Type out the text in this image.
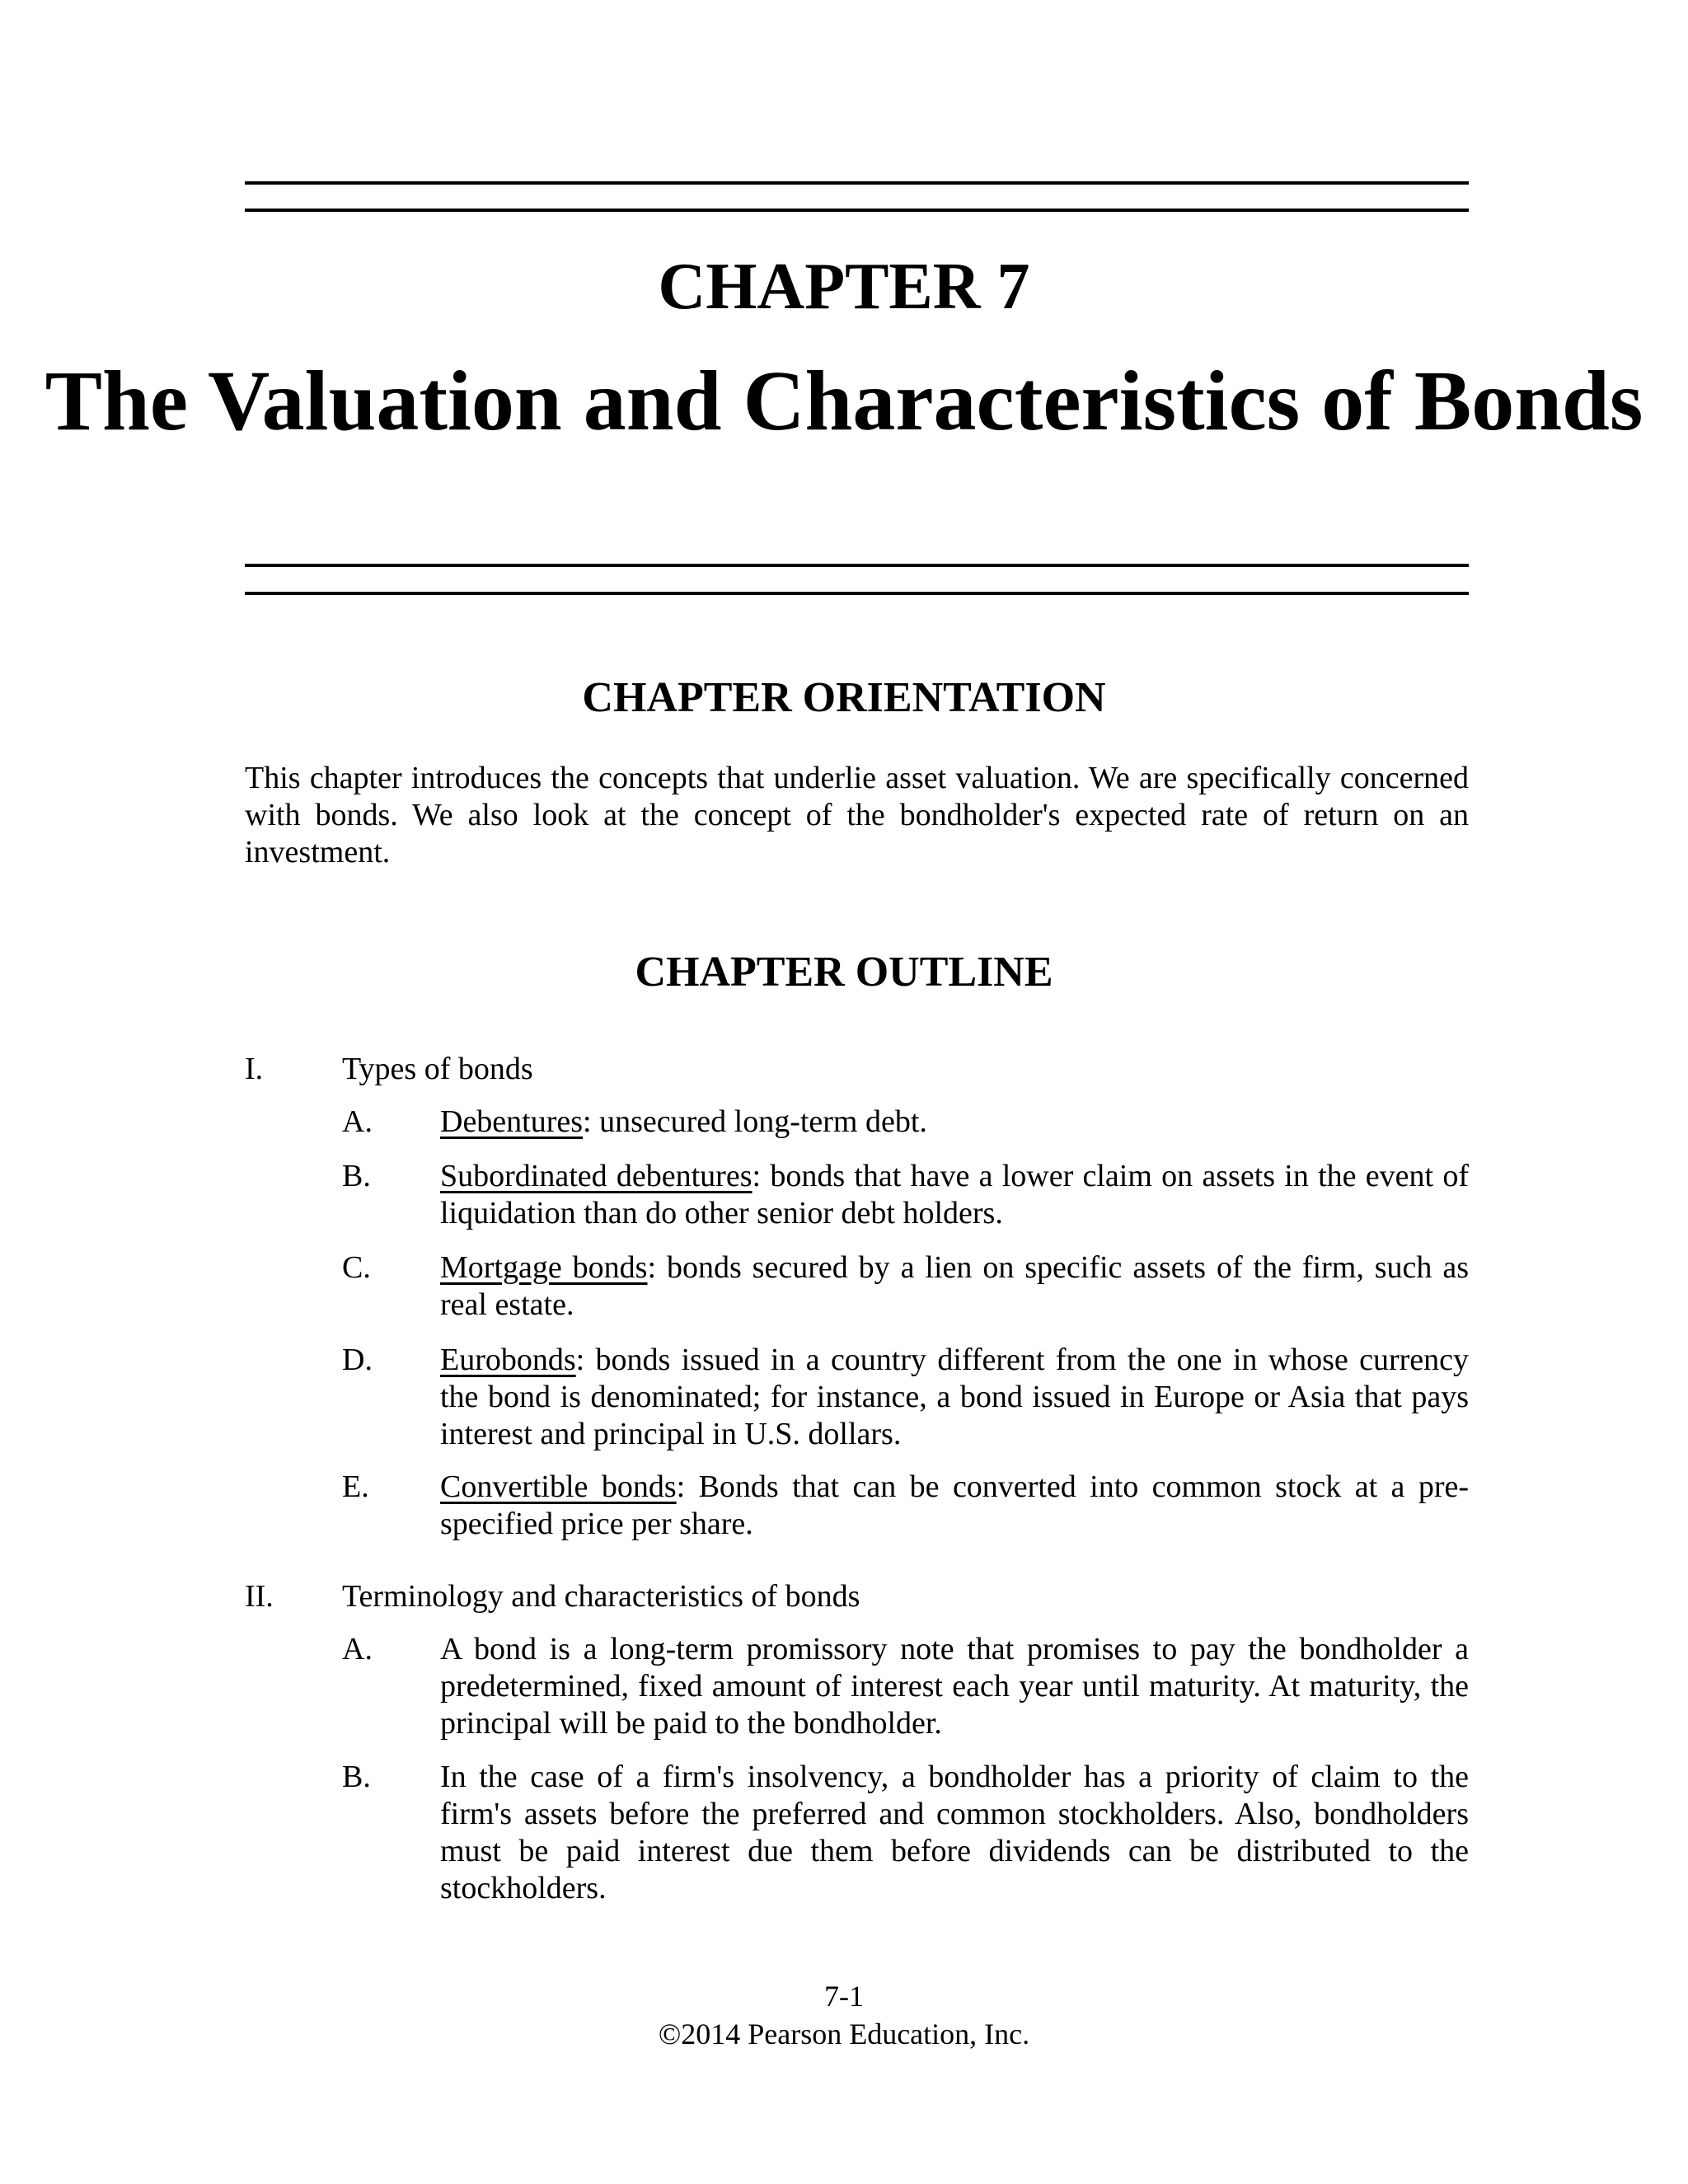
CHAPTER 7
The Valuation and Characteristics of Bonds
CHAPTER ORIENTATION
This chapter introduces the concepts that underlie asset valuation. We are specifically concerned with bonds. We also look at the concept of the bondholder's expected rate of return on an investment.
CHAPTER OUTLINE
I.	Types of bonds
A. Debentures: unsecured long-term debt.
B. Subordinated debentures: bonds that have a lower claim on assets in the event of liquidation than do other senior debt holders.
C. Mortgage bonds: bonds secured by a lien on specific assets of the firm, such as real estate.
D. Eurobonds: bonds issued in a country different from the one in whose currency the bond is denominated; for instance, a bond issued in Europe or Asia that pays interest and principal in U.S. dollars.
E. Convertible bonds: Bonds that can be converted into common stock at a pre-specified price per share.
II. Terminology and characteristics of bonds
A. A bond is a long-term promissory note that promises to pay the bondholder a predetermined, fixed amount of interest each year until maturity. At maturity, the principal will be paid to the bondholder.
B. In the case of a firm's insolvency, a bondholder has a priority of claim to the firm's assets before the preferred and common stockholders. Also, bondholders must be paid interest due them before dividends can be distributed to the stockholders.
7-1
©2014 Pearson Education, Inc.
